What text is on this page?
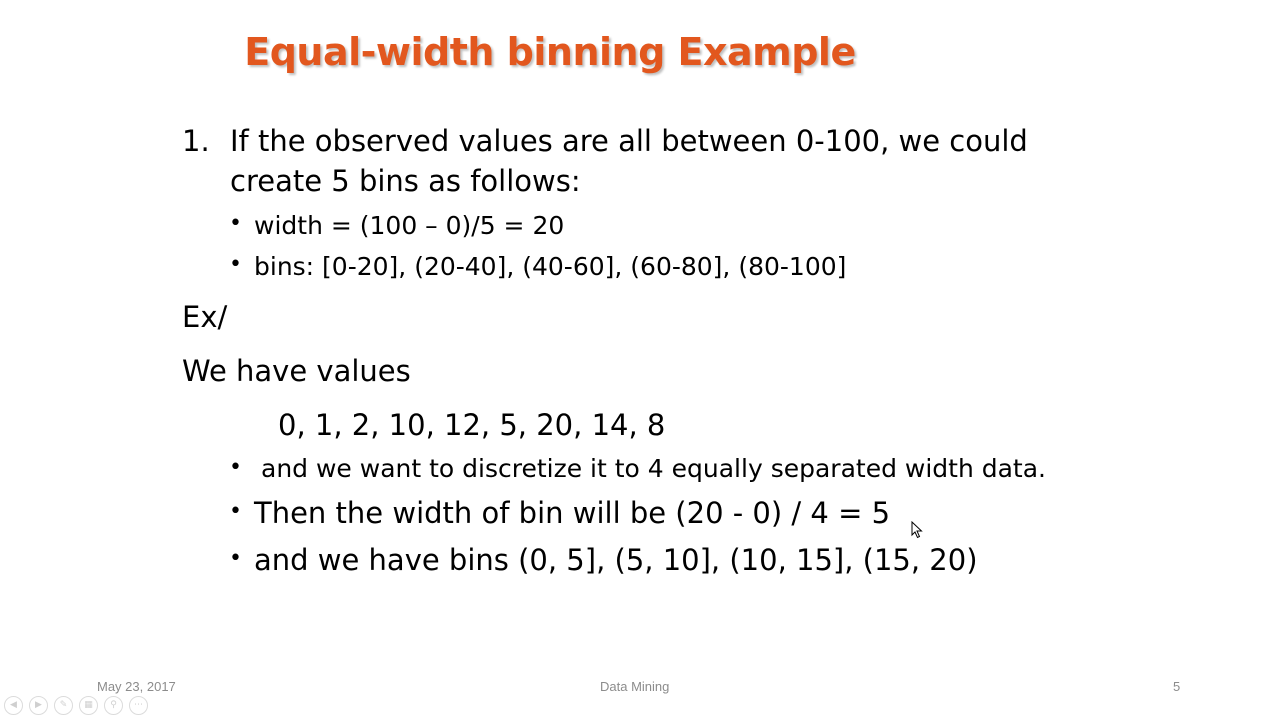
Equal-width binning Example
1. If the observed values are all between 0-100, we could
create 5 bins as follows:
• width = (100 – 0)/5 = 20
• bins: [0-20], (20-40], (40-60], (60-80], (80-100]
Ex/
We have values
0, 1, 2, 10, 12, 5, 20, 14, 8
• and we want to discretize it to 4 equally separated width data.
• Then the width of bin will be (20 - 0) / 4 = 5
• and we have bins (0, 5], (5, 10], (10, 15], (15, 20)
May 23, 2017	Data Mining	5
◀	▶	✎	▦	⚲	⋯
